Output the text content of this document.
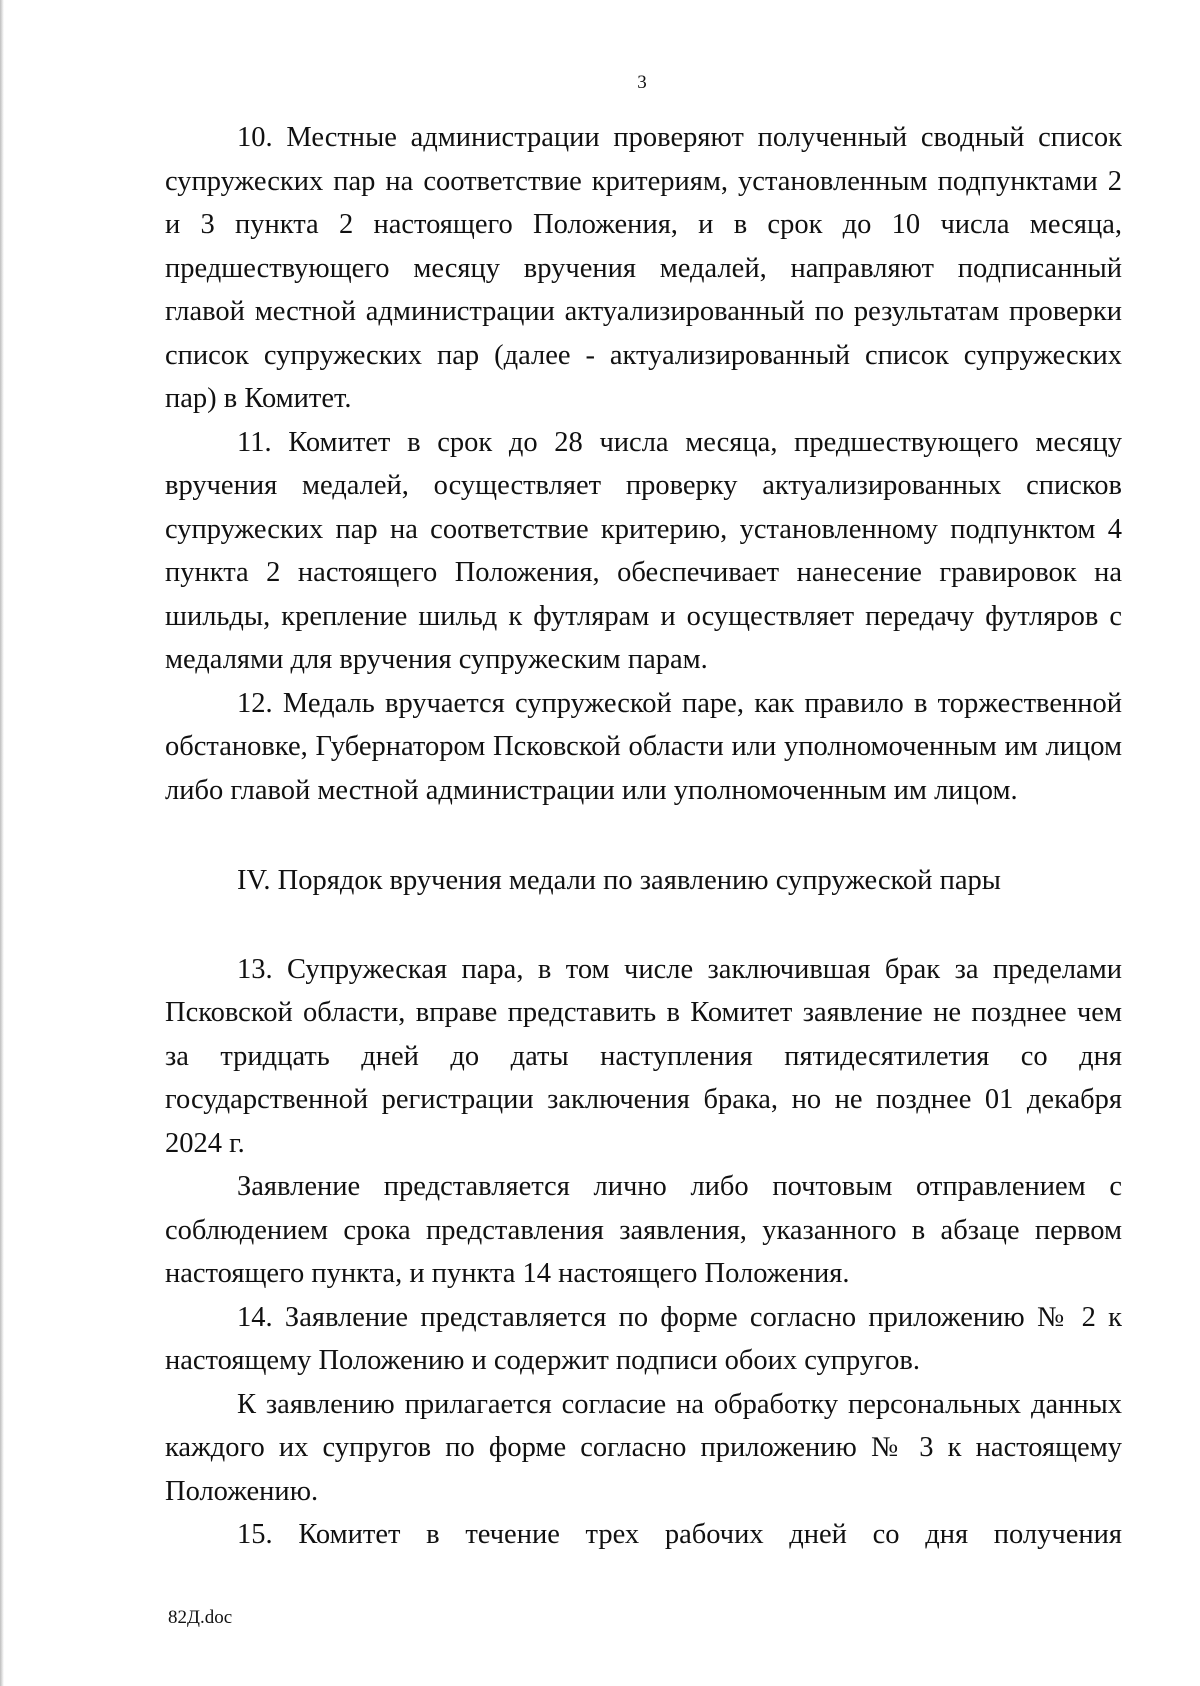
3

10. Местные администрации проверяют полученный сводный список супружеских пар на соответствие критериям, установленным подпунктами 2 и 3 пункта 2 настоящего Положения, и в срок до 10 числа месяца, предшествующего месяцу вручения медалей, направляют подписанный главой местной администрации актуализированный по результатам проверки список супружеских пар (далее - актуализированный список супружеских пар) в Комитет.

11. Комитет в срок до 28 числа месяца, предшествующего месяцу вручения медалей, осуществляет проверку актуализированных списков супружеских пар на соответствие критерию, установленному подпунктом 4 пункта 2 настоящего Положения, обеспечивает нанесение гравировок на шильды, крепление шильд к футлярам и осуществляет передачу футляров с медалями для вручения супружеским парам.

12. Медаль вручается супружеской паре, как правило в торжественной обстановке, Губернатором Псковской области или уполномоченным им лицом либо главой местной администрации или уполномоченным им лицом.

IV. Порядок вручения медали по заявлению супружеской пары

13. Супружеская пара, в том числе заключившая брак за пределами Псковской области, вправе представить в Комитет заявление не позднее чем за тридцать дней до даты наступления пятидесятилетия со дня государственной регистрации заключения брака, но не позднее 01 декабря 2024 г.

Заявление представляется лично либо почтовым отправлением с соблюдением срока представления заявления, указанного в абзаце первом настоящего пункта, и пункта 14 настоящего Положения.

14. Заявление представляется по форме согласно приложению № 2 к настоящему Положению и содержит подписи обоих супругов.

К заявлению прилагается согласие на обработку персональных данных каждого их супругов по форме согласно приложению № 3 к настоящему Положению.

15. Комитет в течение трех рабочих дней со дня получения

82Д.doc
